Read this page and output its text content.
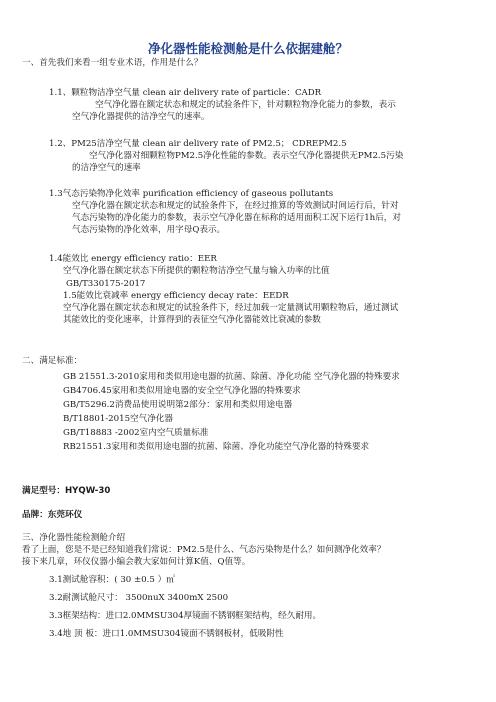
净化器性能检测舱是什么依据建舱？
一、首先我们来看一组专业术语，作用是什么？
1.1、颗粒物洁净空气量 clean air delivery rate of particle：CADR
空气净化器在额定状态和规定的试验条件下，针对颗粒物净化能力的参数，表示
空气净化器提供的洁净空气的速率。
1.2、PM25洁净空气量 clean air delivery rate of PM2.5； CDREPM2.5
空气净化器对细颗粒物PM2.5净化性能的参数。表示空气净化器提供无PM2.5污染
的洁净空气的速率
1.3气态污染物净化效率 purification efficiency of gaseous pollutants
空气净化器在额定状态和规定的试验条件下，在经过推算的等效测试时间运行后，针对
气态污染物的净化能力的参数，表示空气净化器在标称的适用面积工况下运行1h后，对
气态污染物的净化效率，用字母Q表示。
1.4能效比 energy efficiency ratio：EER
空气净化器在额定状态下所提供的颗粒物洁净空气量与输入功率的比值
GB/T330175-2017
1.5能效比衰减率 energy efficiency decay rate：EEDR
空气净化器在额定状态和规定的试验条件下，经过加载一定量测试用颗粒物后，通过测试
其能效比的变化速率，计算得到的表征空气净化器能效比衰减的参数
二、满足标准：
GB 21551.3-2010家用和类似用途电器的抗菌、除菌、净化功能 空气净化器的特殊要求
GB4706.45家用和类似用途电器的安全空气净化器的特殊要求
GB/T5296.2消费品使用说明第2部分：家用和类似用途电器
B/T18801-2015空气净化器
GB/T18883 -2002室内空气质量标准
RB21551.3家用和类似用途电器的抗菌、除菌、净化功能空气净化器的特殊要求
满足型号：HYQW-30
品牌：东莞环仪
三、净化器性能检测舱介绍
看了上面，您是不是已经知道我们常说：PM2.5是什么、气态污染物是什么？如何测净化效率？
接下来几章，环仪仪器小编会教大家如何计算K值、Q值等。
3.1测试舱容积：( 30 ±0.5 ）㎥
3.2耐测试舱尺寸： 3500nuX 3400mX 2500
3.3框架结构：进口2.0MMSU304厚镜面不锈钢框架结构，经久耐用。
3.4地 顶 板：进口1.0MMSU304镜面不锈钢板材，低吸附性
